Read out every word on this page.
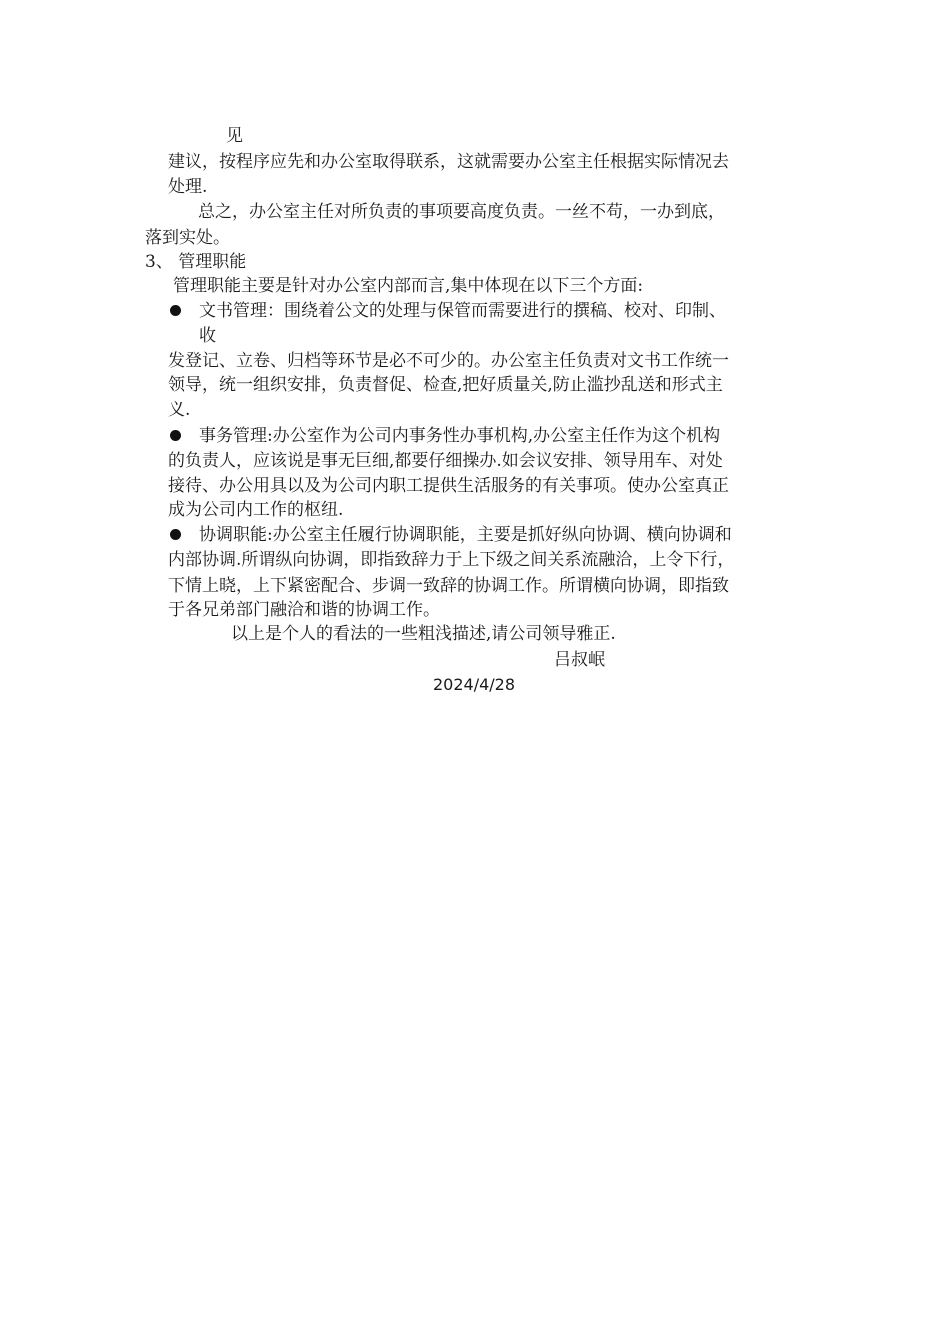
见
建议，按程序应先和办公室取得联系，这就需要办公室主任根据实际情况去
处理.
总之，办公室主任对所负责的事项要高度负责。一丝不苟，一办到底，
落到实处。
3、 管理职能
管理职能主要是针对办公室内部而言,集中体现在以下三个方面:
文书管理：围绕着公文的处理与保管而需要进行的撰稿、校对、印制、
收
发登记、立卷、归档等环节是必不可少的。办公室主任负责对文书工作统一
领导，统一组织安排，负责督促、检查,把好质量关,防止滥抄乱送和形式主
义.
事务管理:办公室作为公司内事务性办事机构,办公室主任作为这个机构
的负责人，应该说是事无巨细,都要仔细操办.如会议安排、领导用车、对处
接待、办公用具以及为公司内职工提供生活服务的有关事项。使办公室真正
成为公司内工作的枢纽.
协调职能:办公室主任履行协调职能，主要是抓好纵向协调、横向协调和
内部协调.所谓纵向协调，即指致辞力于上下级之间关系流融洽，上令下行，
下情上晓，上下紧密配合、步调一致辞的协调工作。所谓横向协调，即指致
于各兄弟部门融洽和谐的协调工作。
以上是个人的看法的一些粗浅描述,请公司领导雅正.
吕叔岷
2024/4/28
